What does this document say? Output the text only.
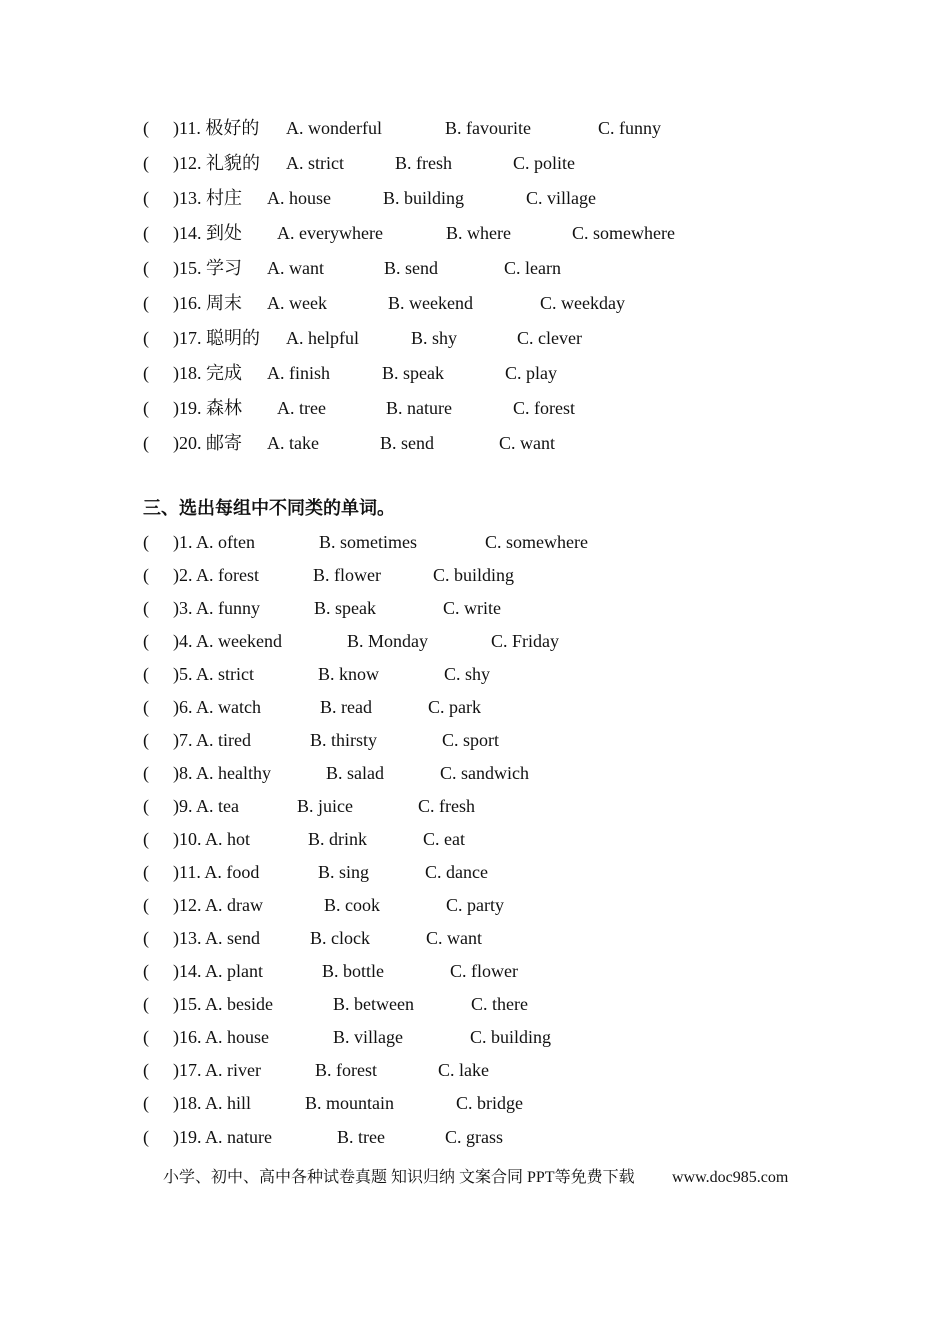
( )11. 极好的 A. wonderful	B. favourite	C. funny
( )12. 礼貌的 A. strict	B. fresh	C. polite
( )13. 村庄 A. house	B. building	C. village
( )14. 到处 A. everywhere	B. where	C. somewhere
( )15. 学习 A. want	B. send	C. learn
( )16. 周末 A. week	B. weekend	C. weekday
( )17. 聪明的 A. helpful	B. shy	C. clever
( )18. 完成 A. finish	B. speak	C. play
( )19. 森林 A. tree	B. nature	C. forest
( )20. 邮寄 A. take	B. send	C. want
三、选出每组中不同类的单词。
( )1. A. often	B. sometimes	C. somewhere
( )2. A. forest	B. flower	C. building
( )3. A. funny	B. speak	C. write
( )4. A. weekend	B. Monday	C. Friday
( )5. A. strict	B. know	C. shy
( )6. A. watch	B. read	C. park
( )7. A. tired	B. thirsty	C. sport
( )8. A. healthy	B. salad	C. sandwich
( )9. A. tea	B. juice	C. fresh
( )10. A. hot	B. drink	C. eat
( )11. A. food	B. sing	C. dance
( )12. A. draw	B. cook	C. party
( )13. A. send	B. clock	C. want
( )14. A. plant	B. bottle	C. flower
( )15. A. beside	B. between	C. there
( )16. A. house	B. village	C. building
( )17. A. river	B. forest	C. lake
( )18. A. hill	B. mountain	C. bridge
( )19. A. nature	B. tree	C. grass
小学、初中、高中各种试卷真题 知识归纳 文案合同 PPT等免费下载 www.doc985.com
